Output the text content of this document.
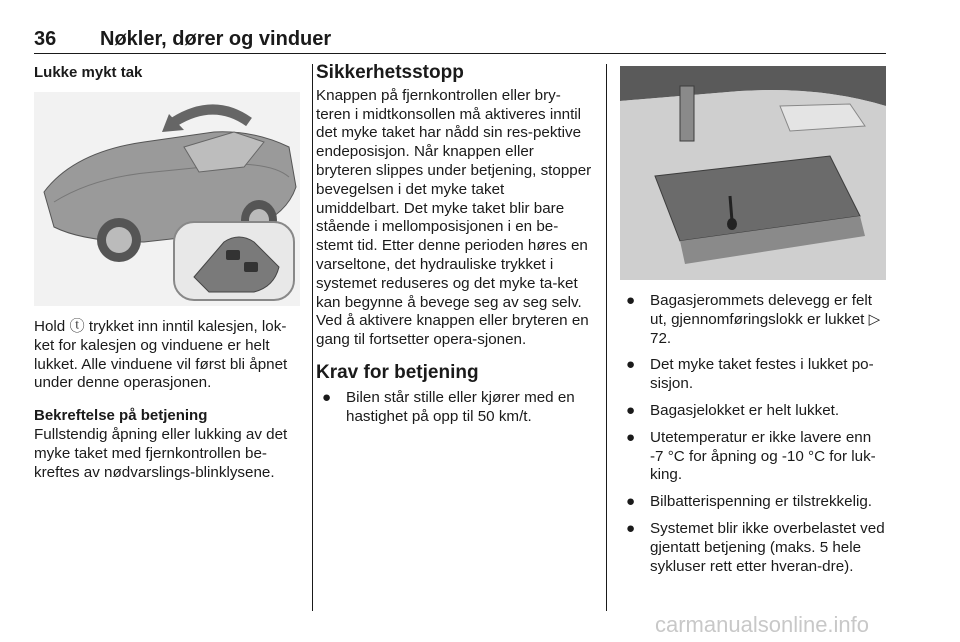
36 Nøkler, dører og vinduer

Lukke mykt tak

Hold ⓣ trykket inn inntil kalesjen, lok-ket for kalesjen og vinduene er helt lukket. Alle vinduene vil først bli åpnet under denne operasjonen.

Bekreftelse på betjening

Fullstendig åpning eller lukking av det myke taket med fjernkontrollen be-kreftes av nødvarslings-blinklysene.

Sikkerhetsstopp

Knappen på fjernkontrollen eller bry-teren i midtkonsollen må aktiveres inntil det myke taket har nådd sin res-pektive endeposisjon. Når knappen eller bryteren slippes under betjening, stopper bevegelsen i det myke taket umiddelbart. Det myke taket blir bare stående i mellomposisjonen i en be-stemt tid. Etter denne perioden høres en varseltone, det hydrauliske trykket i systemet reduseres og det myke ta-ket kan begynne å bevege seg av seg selv. Ved å aktivere knappen eller bryteren en gang til fortsetter opera-sjonen.

Krav for betjening

● Bilen står stille eller kjører med en hastighet på opp til 50 km/t.
● Bagasjerommets delevegg er felt ut, gjennomføringslokk er lukket ▷ 72.
● Det myke taket festes i lukket po-sisjon.
● Bagasjelokket er helt lukket.
● Utetemperatur er ikke lavere enn -7 °C for åpning og -10 °C for luk-king.
● Bilbatterispenning er tilstrekkelig.
● Systemet blir ikke overbelastet ved gjentatt betjening (maks. 5 hele sykluser rett etter hveran-dre).
carmanualsonline.info
